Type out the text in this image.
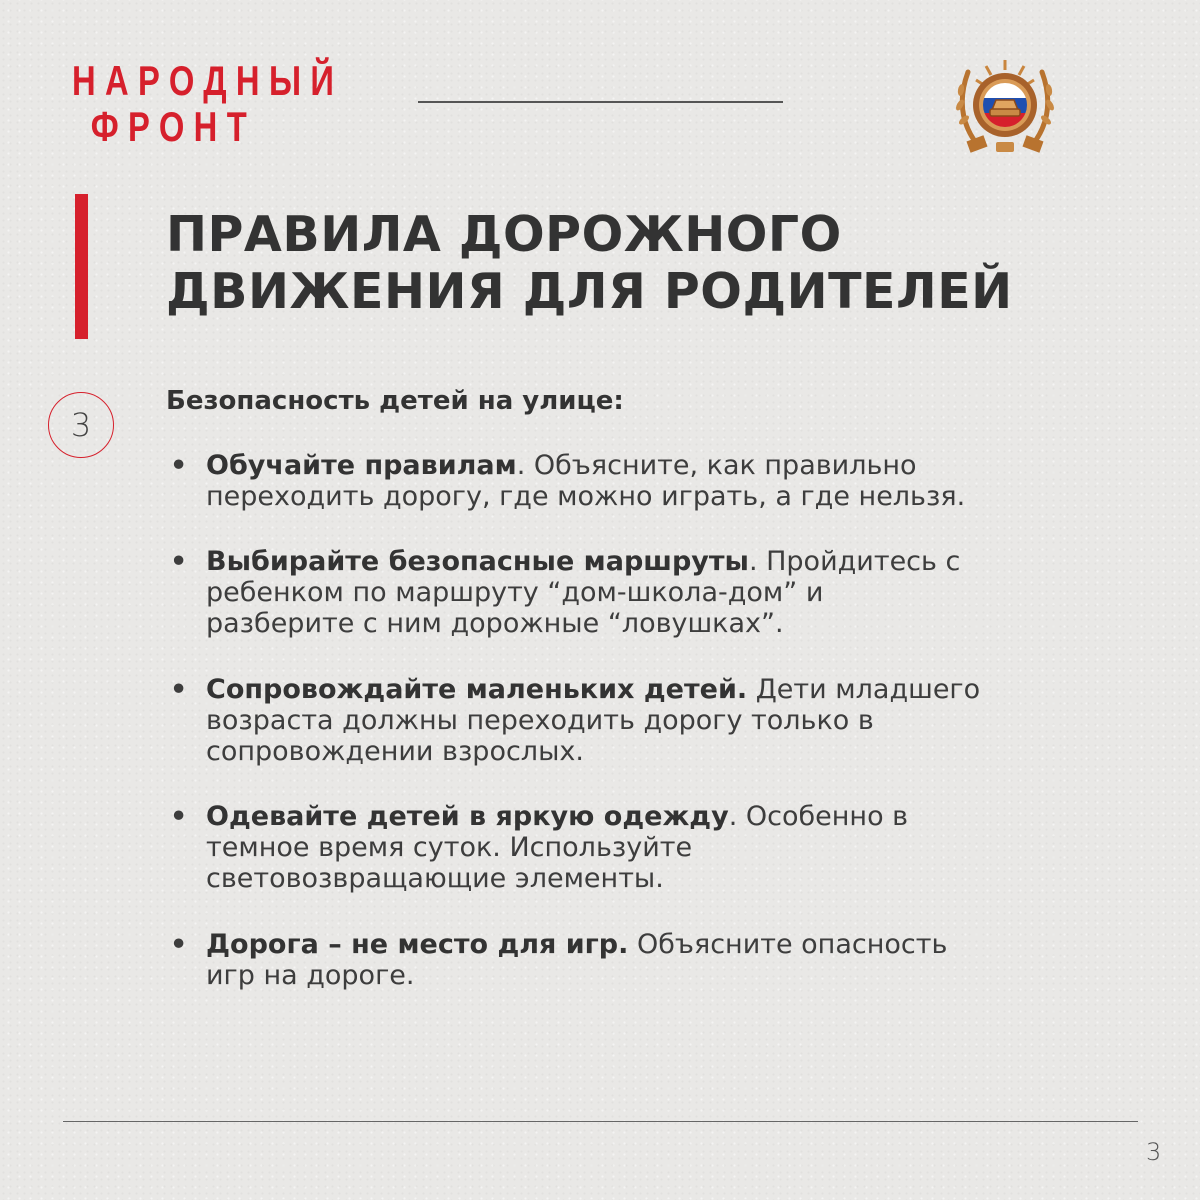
НАРОДНЫЙ
ФРОНТ
ПРАВИЛА ДОРОЖНОГО
ДВИЖЕНИЯ ДЛЯ РОДИТЕЛЕЙ
3
Безопасность детей на улице:
• Обучайте правилам. Объясните, как правильно
переходить дорогу, где можно играть, а где нельзя.
• Выбирайте безопасные маршруты. Пройдитесь с
ребенком по маршруту “дом-школа-дом” и
разберите с ним дорожные “ловушках”.
• Сопровождайте маленьких детей. Дети младшего
возраста должны переходить дорогу только в
сопровождении взрослых.
• Одевайте детей в яркую одежду. Особенно в
темное время суток. Используйте
световозвращающие элементы.
• Дорога – не место для игр. Объясните опасность
игр на дороге.
3
